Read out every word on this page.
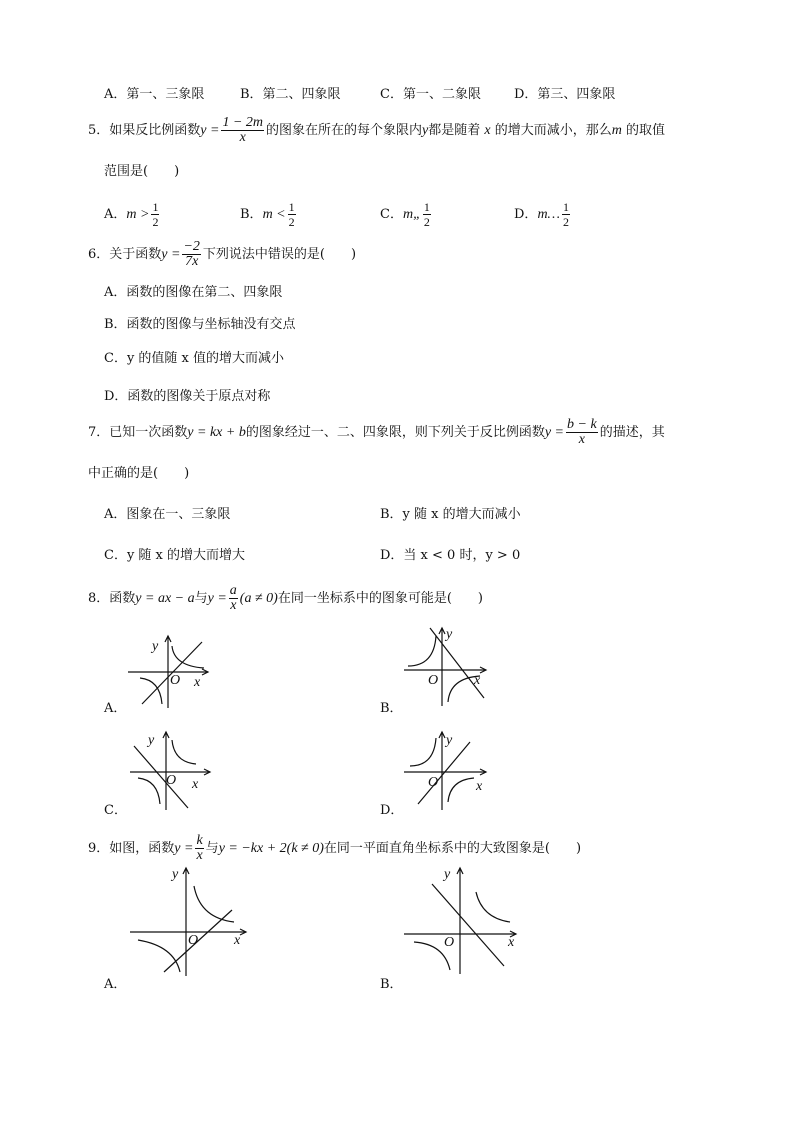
A．第一、三象限	B．第二、四象限	C．第一、二象限	D．第三、四象限
5．如果反比例函数$y = \frac{1 - 2m}{x}$ 的图象在所在的每个象限内y都是随着 x 的增大而减小，那么m 的取值
范围是(　　)
A．$m > \frac{1}{2}$	B．$m < \frac{1}{2}$	C．m„ $\frac{1}{2}$	D．m… $\frac{1}{2}$
6．关于函数$y = \frac{-2}{7x}$ 下列说法中错误的是(　　)
A．函数的图像在第二、四象限
B．函数的图像与坐标轴没有交点
C．y 的值随 x 值的增大而减小
D．函数的图像关于原点对称
7．已知一次函数y = kx + b的图象经过一、二、四象限，则下列关于反比例函数$y = \frac{b - k}{x}$ 的描述，其
中正确的是(　　)
A．图象在一、三象限	B．y 随 x 的增大而减小
C．y 随 x 的增大而增大	D．当 x < 0 时，y > 0
8．函数y = ax − a与$y = \frac{a}{x} (a \ne 0)$在同一坐标系中的图象可能是(　　)
y
O x
A．
y
O	x
B．
y
O x
C．
y
O	x
D．
9．如图，函数$y = \frac{k}{x}$ 与y = −kx + 2(k ≠ 0)在同一平面直角坐标系中的大致图象是(　　)
y
O	x
A．
y
O	x
B．
